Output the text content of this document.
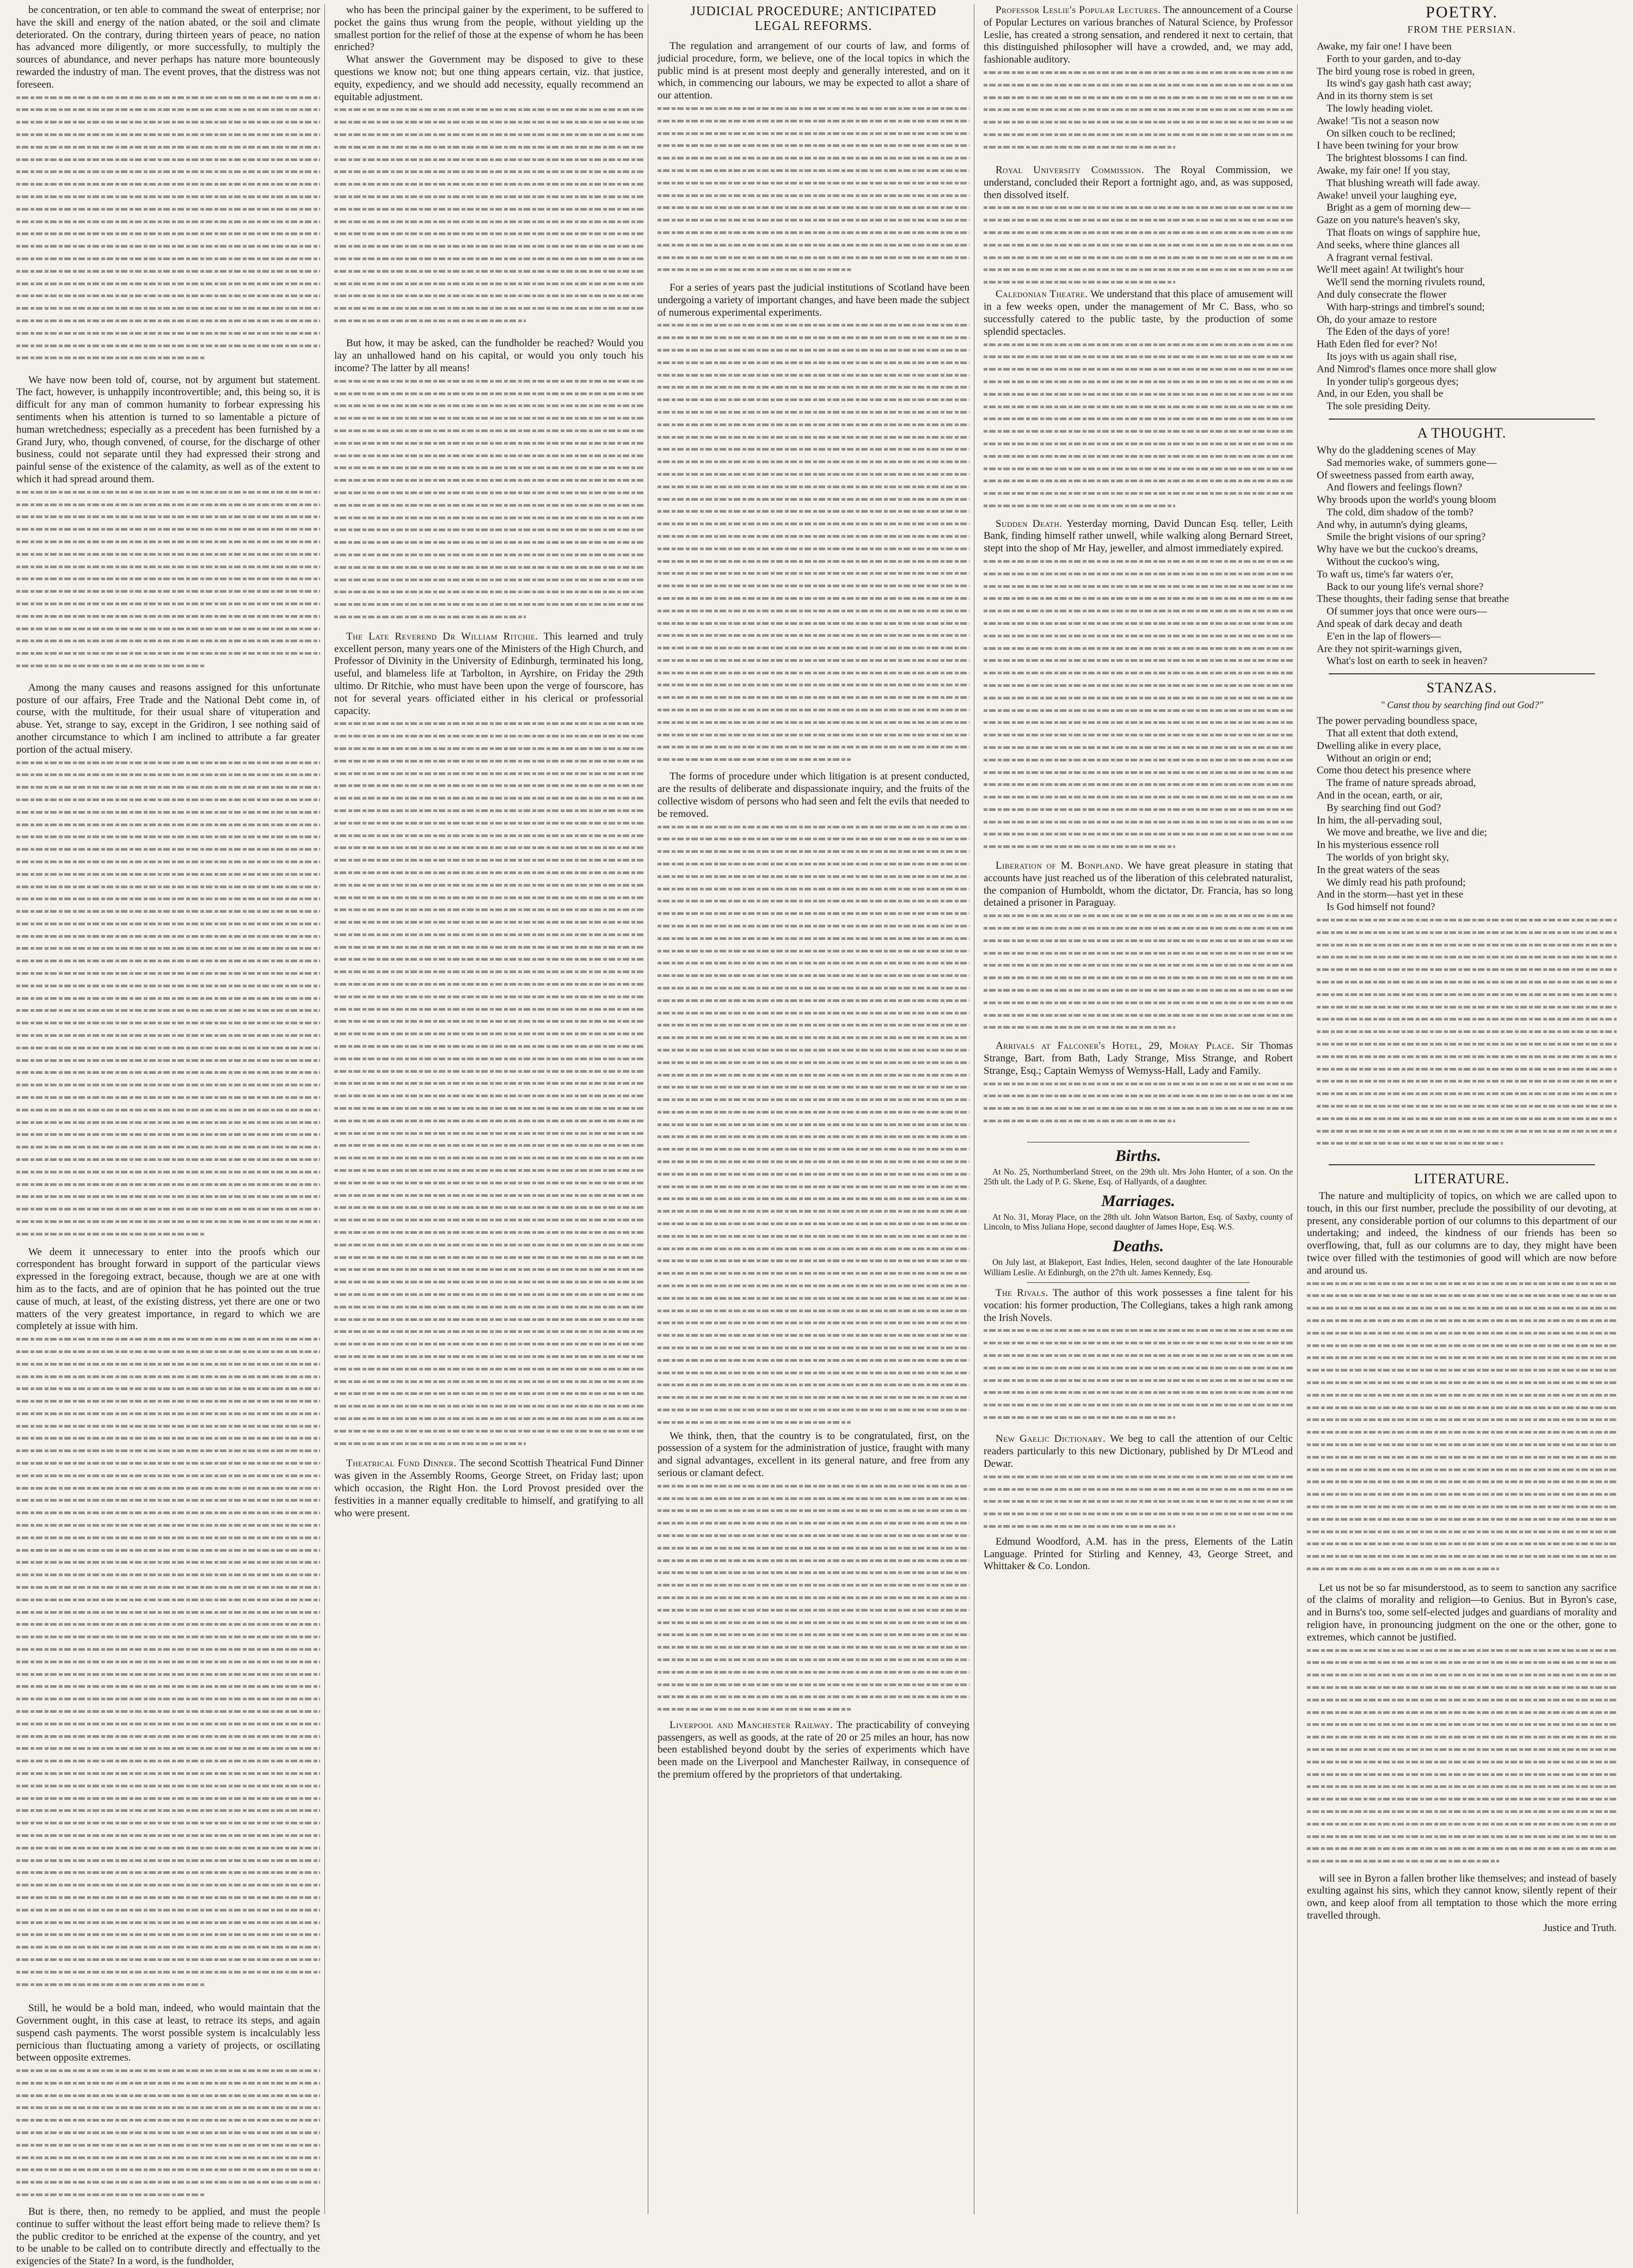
be concentration, or ten able to command the sweat of enterprise; nor have the skill and energy of the nation abated, or the soil and climate deteriorated. On the contrary, during thirteen years of peace, no nation has advanced more diligently, or more successfully, to multiply the sources of abundance, and never perhaps has nature more bounteously rewarded the industry of man. The event proves, that the distress was not foreseen.

We have now been told of, course, not by argument but statement. The fact, however, is unhappily incontrovertible; and, this being so, it is difficult for any man of common humanity to forbear expressing his sentiments when his attention is turned to so lamentable a picture of human wretchedness; especially as a precedent has been furnished by a Grand Jury, who, though convened, of course, for the discharge of other business, could not separate until they had expressed their strong and painful sense of the existence of the calamity, as well as of the extent to which it had spread around them.

Among the many causes and reasons assigned for this unfortunate posture of our affairs, Free Trade and the National Debt come in, of course, with the multitude, for their usual share of vituperation and abuse. Yet, strange to say, except in the Gridiron, I see nothing said of another circumstance to which I am inclined to attribute a far greater portion of the actual misery.

We deem it unnecessary to enter into the proofs which our correspondent has brought forward in support of the particular views expressed in the foregoing extract, because, though we are at one with him as to the facts, and are of opinion that he has pointed out the true cause of much, at least, of the existing distress, yet there are one or two matters of the very greatest importance, in regard to which we are completely at issue with him.

Still, he would be a bold man, indeed, who would maintain that the Government ought, in this case at least, to retrace its steps, and again suspend cash payments. The worst possible system is incalculably less pernicious than fluctuating among a variety of projects, or oscillating between opposite extremes.

But is there, then, no remedy to be applied, and must the people continue to suffer without the least effort being made to relieve them? Is the public creditor to be enriched at the expense of the country, and yet to be unable to be called on to contribute directly and effectually to the exigencies of the State? In a word, is the fundholder,

who has been the principal gainer by the experiment, to be suffered to pocket the gains thus wrung from the people, without yielding up the smallest portion for the relief of those at the expense of whom he has been enriched?

What answer the Government may be disposed to give to these questions we know not; but one thing appears certain, viz. that justice, equity, expediency, and we should add necessity, equally recommend an equitable adjustment.

But how, it may be asked, can the fundholder be reached? Would you lay an unhallowed hand on his capital, or would you only touch his income? The latter by all means!

The Late Reverend Dr William Ritchie. This learned and truly excellent person, many years one of the Ministers of the High Church, and Professor of Divinity in the University of Edinburgh, terminated his long, useful, and blameless life at Tarbolton, in Ayrshire, on Friday the 29th ultimo. Dr Ritchie, who must have been upon the verge of fourscore, has not for several years officiated either in his clerical or professorial capacity.

Theatrical Fund Dinner. The second Scottish Theatrical Fund Dinner was given in the Assembly Rooms, George Street, on Friday last; upon which occasion, the Right Hon. the Lord Provost presided over the festivities in a manner equally creditable to himself, and gratifying to all who were present.

JUDICIAL PROCEDURE; ANTICIPATED
LEGAL REFORMS.

The regulation and arrangement of our courts of law, and forms of judicial procedure, form, we believe, one of the local topics in which the public mind is at present most deeply and generally interested, and on it which, in commencing our labours, we may be expected to allot a share of our attention.

For a series of years past the judicial institutions of Scotland have been undergoing a variety of important changes, and have been made the subject of numerous experimental experiments.

The forms of procedure under which litigation is at present conducted, are the results of deliberate and dispassionate inquiry, and the fruits of the collective wisdom of persons who had seen and felt the evils that needed to be removed.

We think, then, that the country is to be congratulated, first, on the possession of a system for the administration of justice, fraught with many and signal advantages, excellent in its general nature, and free from any serious or clamant defect.

Liverpool and Manchester Railway. The practicability of conveying passengers, as well as goods, at the rate of 20 or 25 miles an hour, has now been established beyond doubt by the series of experiments which have been made on the Liverpool and Manchester Railway, in consequence of the premium offered by the proprietors of that undertaking.

Professor Leslie's Popular Lectures. The announcement of a Course of Popular Lectures on various branches of Natural Science, by Professor Leslie, has created a strong sensation, and rendered it next to certain, that this distinguished philosopher will have a crowded, and, we may add, fashionable auditory.

Royal University Commission. The Royal Commission, we understand, concluded their Report a fortnight ago, and, as was supposed, then dissolved itself.

Caledonian Theatre. We understand that this place of amusement will in a few weeks open, under the management of Mr C. Bass, who so successfully catered to the public taste, by the production of some splendid spectacles.

Sudden Death. Yesterday morning, David Duncan Esq. teller, Leith Bank, finding himself rather unwell, while walking along Bernard Street, stept into the shop of Mr Hay, jeweller, and almost immediately expired.

Liberation of M. Bonpland. We have great pleasure in stating that accounts have just reached us of the liberation of this celebrated naturalist, the companion of Humboldt, whom the dictator, Dr. Francia, has so long detained a prisoner in Paraguay.

Arrivals at Falconer's Hotel, 29, Moray Place. Sir Thomas Strange, Bart. from Bath, Lady Strange, Miss Strange, and Robert Strange, Esq.; Captain Wemyss of Wemyss-Hall, Lady and Family.

Births.

At No. 25, Northumberland Street, on the 29th ult. Mrs John Hunter, of a son. On the 25th ult. the Lady of P. G. Skene, Esq. of Hallyards, of a daughter.

Marriages.

At No. 31, Moray Place, on the 28th ult. John Watson Barton, Esq. of Saxby, county of Lincoln, to Miss Juliana Hope, second daughter of James Hope, Esq. W.S.

Deaths.

On July last, at Blakeport, East Indies, Helen, second daughter of the late Honourable William Leslie. At Edinburgh, on the 27th ult. James Kennedy, Esq.

The Rivals. The author of this work possesses a fine talent for his vocation: his former production, The Collegians, takes a high rank among the Irish Novels.

New Gaelic Dictionary. We beg to call the attention of our Celtic readers particularly to this new Dictionary, published by Dr M'Leod and Dewar.

Edmund Woodford, A.M. has in the press, Elements of the Latin Language. Printed for Stirling and Kenney, 43, George Street, and Whittaker & Co. London.

POETRY.
FROM THE PERSIAN.
Awake, my fair one! I have been
Forth to your garden, and to-day
The bird young rose is robed in green,
Its wind's gay gash hath cast away;
And in its thorny stem is set
The lowly heading violet.
Awake! 'Tis not a season now
On silken couch to be reclined;
I have been twining for your brow
The brightest blossoms I can find.
Awake, my fair one! If you stay,
That blushing wreath will fade away.
Awake! unveil your laughing eye,
Bright as a gem of morning dew—
Gaze on you nature's heaven's sky,
That floats on wings of sapphire hue,
And seeks, where thine glances all
A fragrant vernal festival.
We'll meet again! At twilight's hour
We'll send the morning rivulets round,
And duly consecrate the flower
With harp-strings and timbrel's sound;
Oh, do your amaze to restore
The Eden of the days of yore!
Hath Eden fled for ever? No!
Its joys with us again shall rise,
And Nimrod's flames once more shall glow
In yonder tulip's gorgeous dyes;
And, in our Eden, you shall be
The sole presiding Deity.
A THOUGHT.
Why do the gladdening scenes of May
Sad memories wake, of summers gone—
Of sweetness passed from earth away,
And flowers and feelings flown?
Why broods upon the world's young bloom
The cold, dim shadow of the tomb?
And why, in autumn's dying gleams,
Smile the bright visions of our spring?
Why have we but the cuckoo's dreams,
Without the cuckoo's wing,
To waft us, time's far waters o'er,
Back to our young life's vernal shore?
These thoughts, their fading sense that breathe
Of summer joys that once were ours—
And speak of dark decay and death
E'en in the lap of flowers—
Are they not spirit-warnings given,
What's lost on earth to seek in heaven?
STANZAS.
" Canst thou by searching find out God?"
The power pervading boundless space,
That all extent that doth extend,
Dwelling alike in every place,
Without an origin or end;
Come thou detect his presence where
The frame of nature spreads abroad,
And in the ocean, earth, or air,
By searching find out God?
In him, the all-pervading soul,
We move and breathe, we live and die;
In his mysterious essence roll
The worlds of yon bright sky,
In the great waters of the seas
We dimly read his path profound;
And in the storm—hast yet in these
Is God himself not found?
LITERATURE.

The nature and multiplicity of topics, on which we are called upon to touch, in this our first number, preclude the possibility of our devoting, at present, any considerable portion of our columns to this department of our undertaking; and indeed, the kindness of our friends has been so overflowing, that, full as our columns are to day, they might have been twice over filled with the testimonies of good will which are now before and around us.

Let us not be so far misunderstood, as to seem to sanction any sacrifice of the claims of morality and religion—to Genius. But in Byron's case, and in Burns's too, some self-elected judges and guardians of morality and religion have, in pronouncing judgment on the one or the other, gone to extremes, which cannot be justified.

will see in Byron a fallen brother like themselves; and instead of basely exulting against his sins, which they cannot know, silently repent of their own, and keep aloof from all temptation to those which the more erring travelled through.

Justice and Truth.
